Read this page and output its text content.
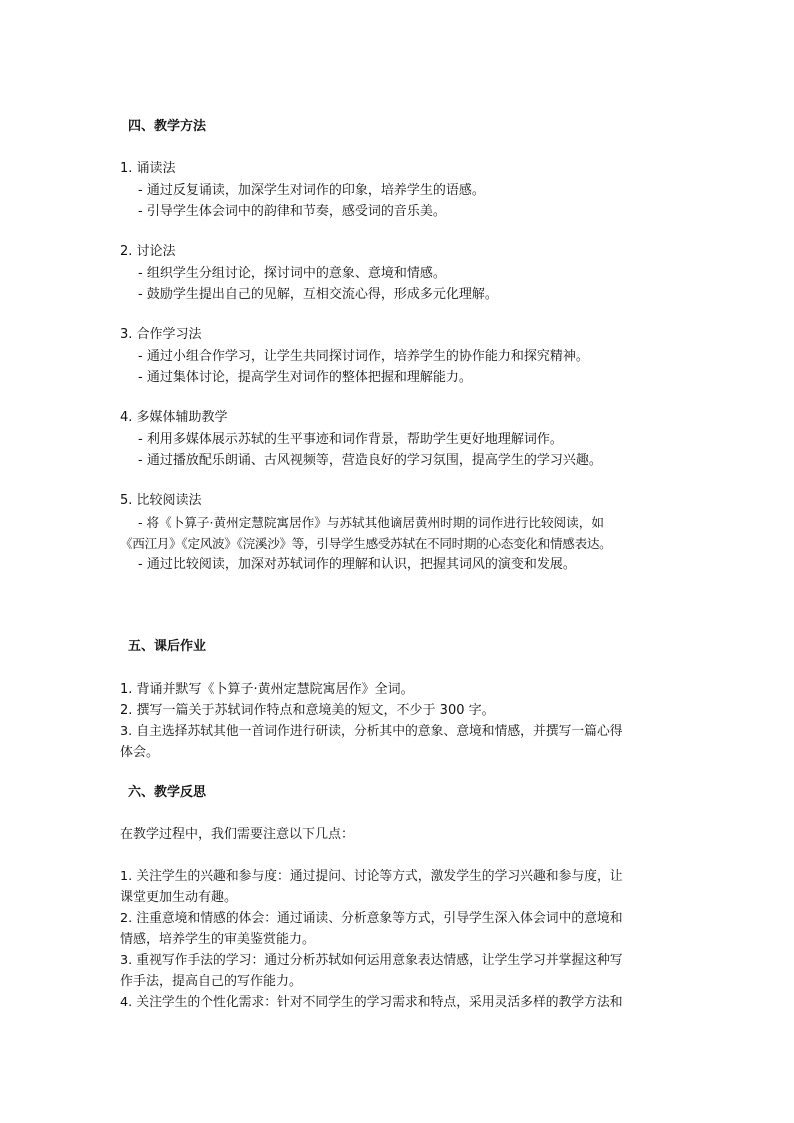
四、教学方法
1. 诵读法
- 通过反复诵读，加深学生对词作的印象，培养学生的语感。
- 引导学生体会词中的韵律和节奏，感受词的音乐美。
2. 讨论法
- 组织学生分组讨论，探讨词中的意象、意境和情感。
- 鼓励学生提出自己的见解，互相交流心得，形成多元化理解。
3. 合作学习法
- 通过小组合作学习，让学生共同探讨词作，培养学生的协作能力和探究精神。
- 通过集体讨论，提高学生对词作的整体把握和理解能力。
4. 多媒体辅助教学
- 利用多媒体展示苏轼的生平事迹和词作背景，帮助学生更好地理解词作。
- 通过播放配乐朗诵、古风视频等，营造良好的学习氛围，提高学生的学习兴趣。
5. 比较阅读法
- 将《卜算子·黄州定慧院寓居作》与苏轼其他谪居黄州时期的词作进行比较阅读，如
《西江月》《定风波》《浣溪沙》等，引导学生感受苏轼在不同时期的心态变化和情感表达。
- 通过比较阅读，加深对苏轼词作的理解和认识，把握其词风的演变和发展。
五、课后作业
1. 背诵并默写《卜算子·黄州定慧院寓居作》全词。
2. 撰写一篇关于苏轼词作特点和意境美的短文，不少于 300 字。
3. 自主选择苏轼其他一首词作进行研读，分析其中的意象、意境和情感，并撰写一篇心得
体会。
六、教学反思
在教学过程中，我们需要注意以下几点：
1. 关注学生的兴趣和参与度：通过提问、讨论等方式，激发学生的学习兴趣和参与度，让
课堂更加生动有趣。
2. 注重意境和情感的体会：通过诵读、分析意象等方式，引导学生深入体会词中的意境和
情感，培养学生的审美鉴赏能力。
3. 重视写作手法的学习：通过分析苏轼如何运用意象表达情感，让学生学习并掌握这种写
作手法，提高自己的写作能力。
4. 关注学生的个性化需求：针对不同学生的学习需求和特点，采用灵活多样的教学方法和
